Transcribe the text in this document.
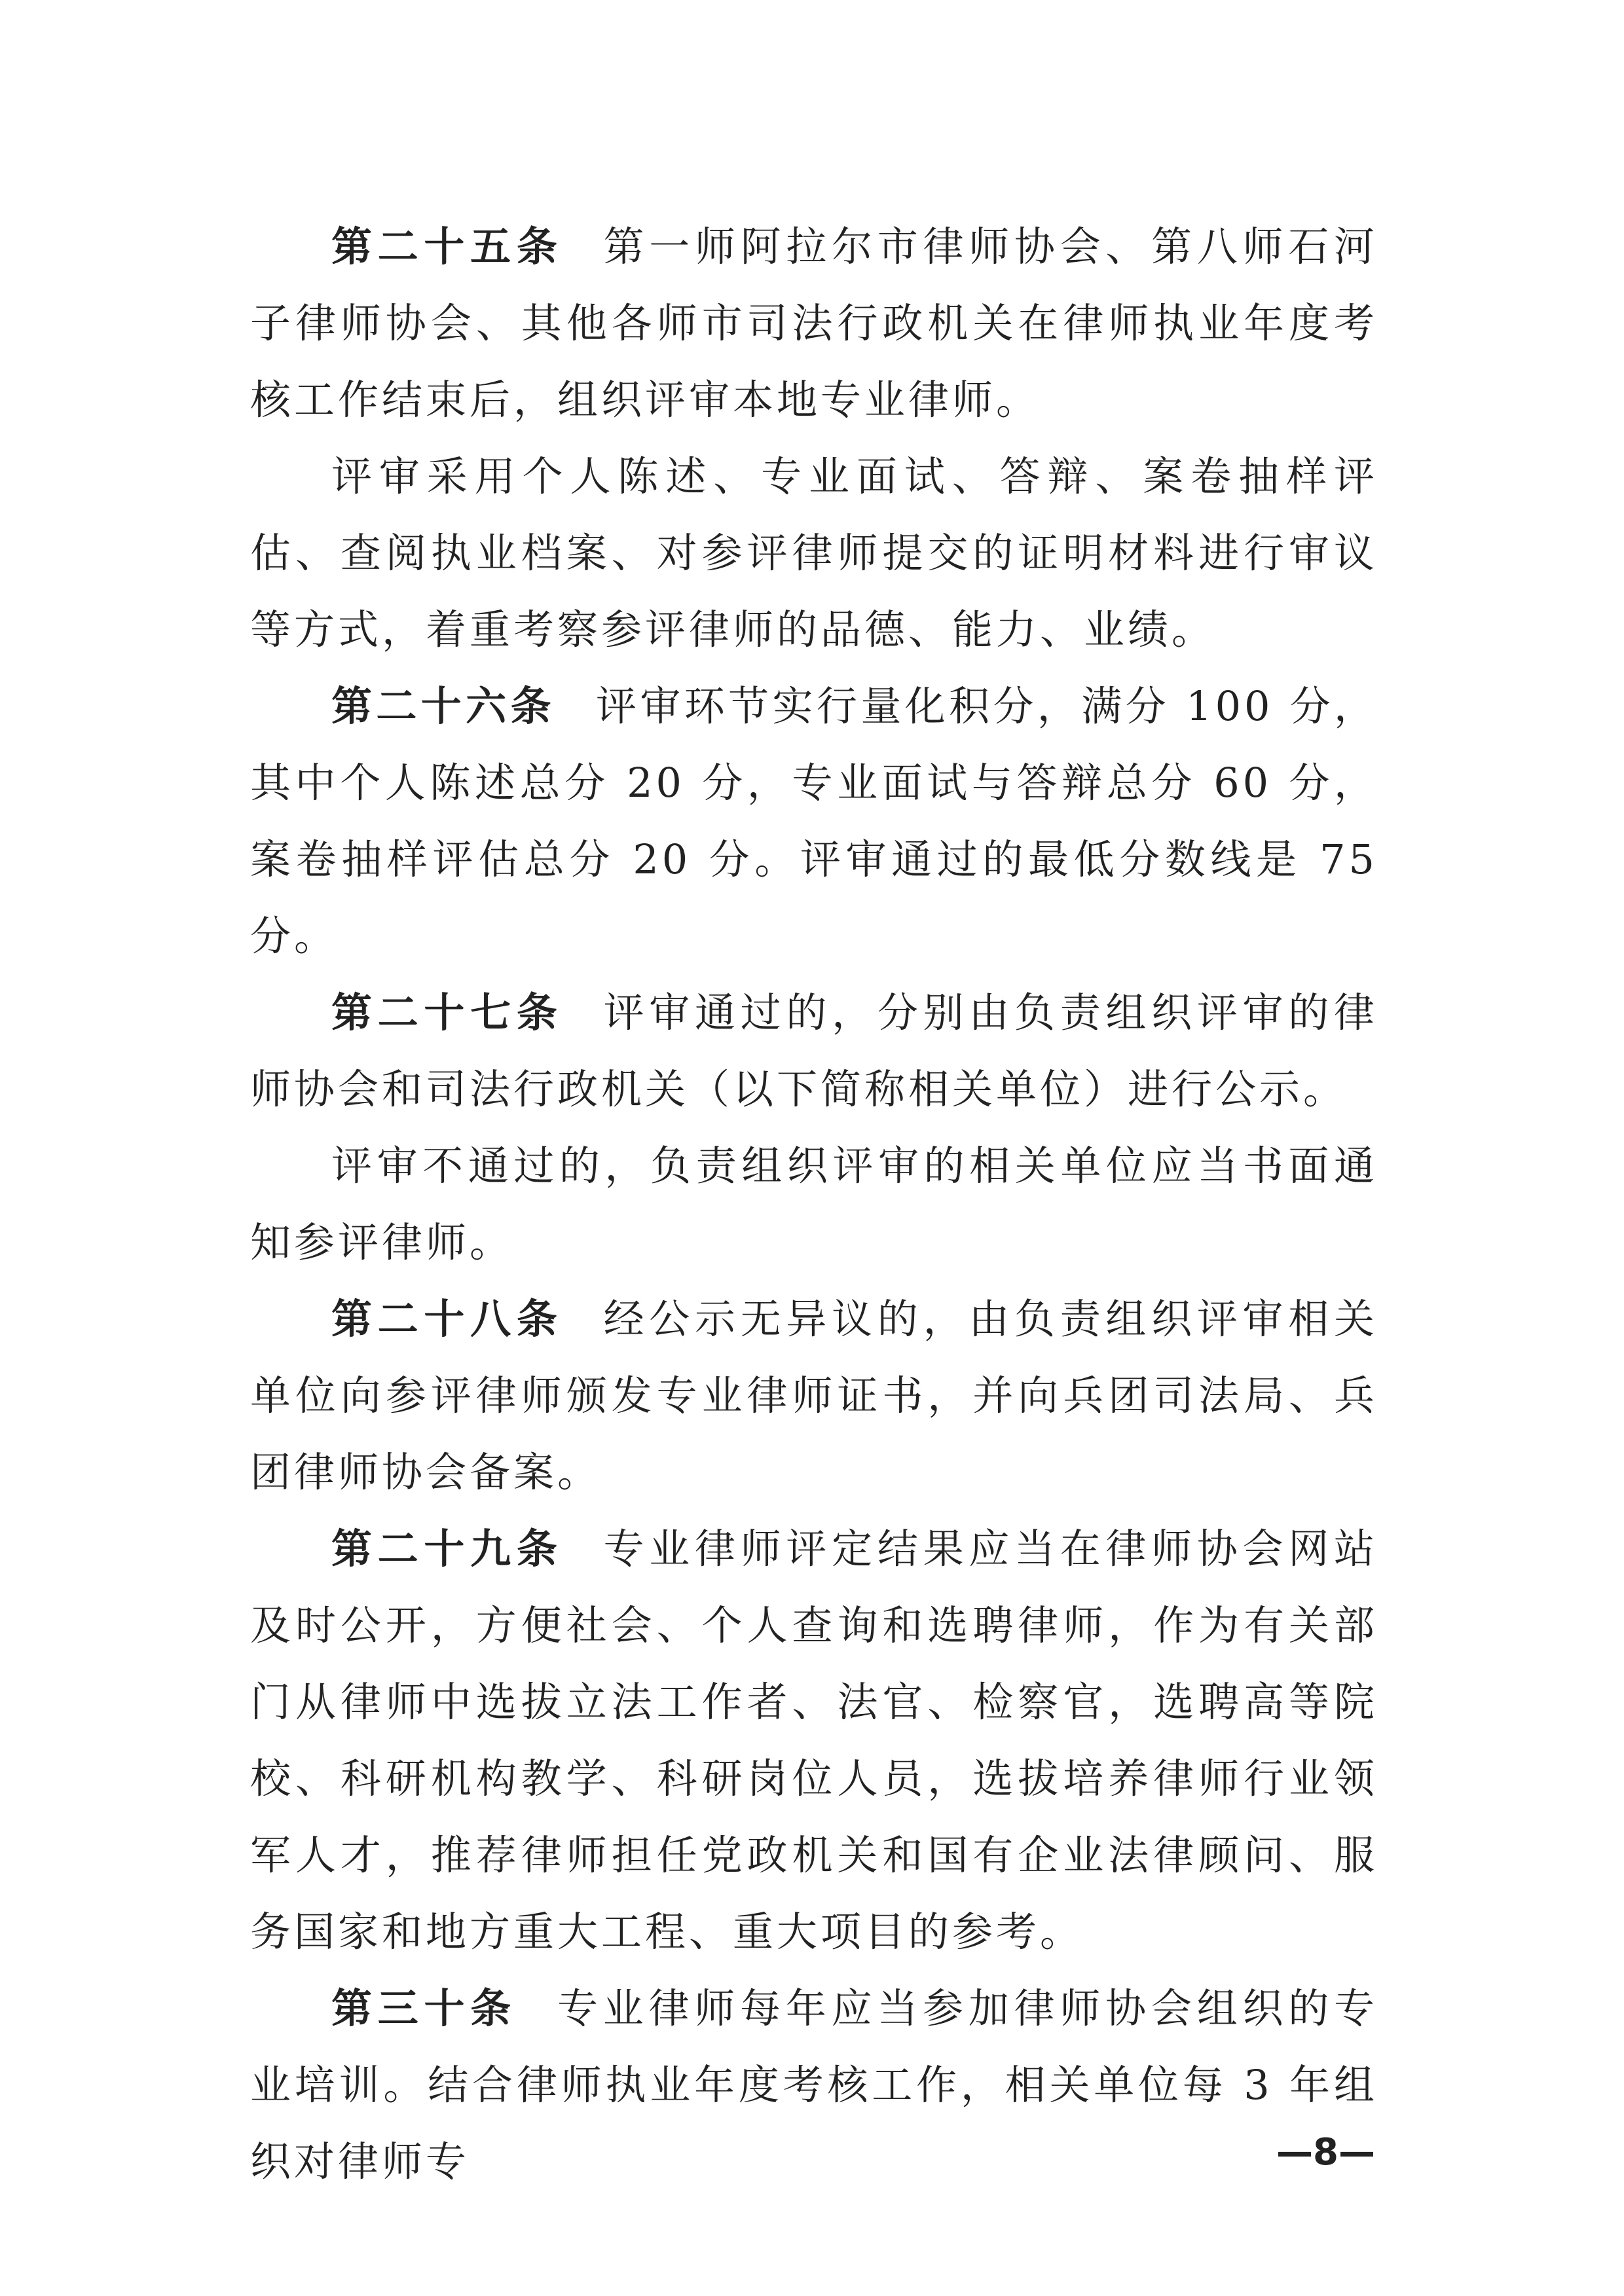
第二十五条 第一师阿拉尔市律师协会、第八师石河子律师协会、其他各师市司法行政机关在律师执业年度考核工作结束后，组织评审本地专业律师。

评审采用个人陈述、专业面试、答辩、案卷抽样评估、查阅执业档案、对参评律师提交的证明材料进行审议等方式，着重考察参评律师的品德、能力、业绩。

第二十六条 评审环节实行量化积分，满分 100 分，其中个人陈述总分 20 分，专业面试与答辩总分 60 分，案卷抽样评估总分 20 分。评审通过的最低分数线是 75 分。

第二十七条 评审通过的，分别由负责组织评审的律师协会和司法行政机关（以下简称相关单位）进行公示。

评审不通过的，负责组织评审的相关单位应当书面通知参评律师。

第二十八条 经公示无异议的，由负责组织评审相关单位向参评律师颁发专业律师证书，并向兵团司法局、兵团律师协会备案。

第二十九条 专业律师评定结果应当在律师协会网站及时公开，方便社会、个人查询和选聘律师，作为有关部门从律师中选拔立法工作者、法官、检察官，选聘高等院校、科研机构教学、科研岗位人员，选拔培养律师行业领军人才，推荐律师担任党政机关和国有企业法律顾问、服务国家和地方重大工程、重大项目的参考。

第三十条 专业律师每年应当参加律师协会组织的专业培训。结合律师执业年度考核工作，相关单位每 3 年组织对律师专	—8—
